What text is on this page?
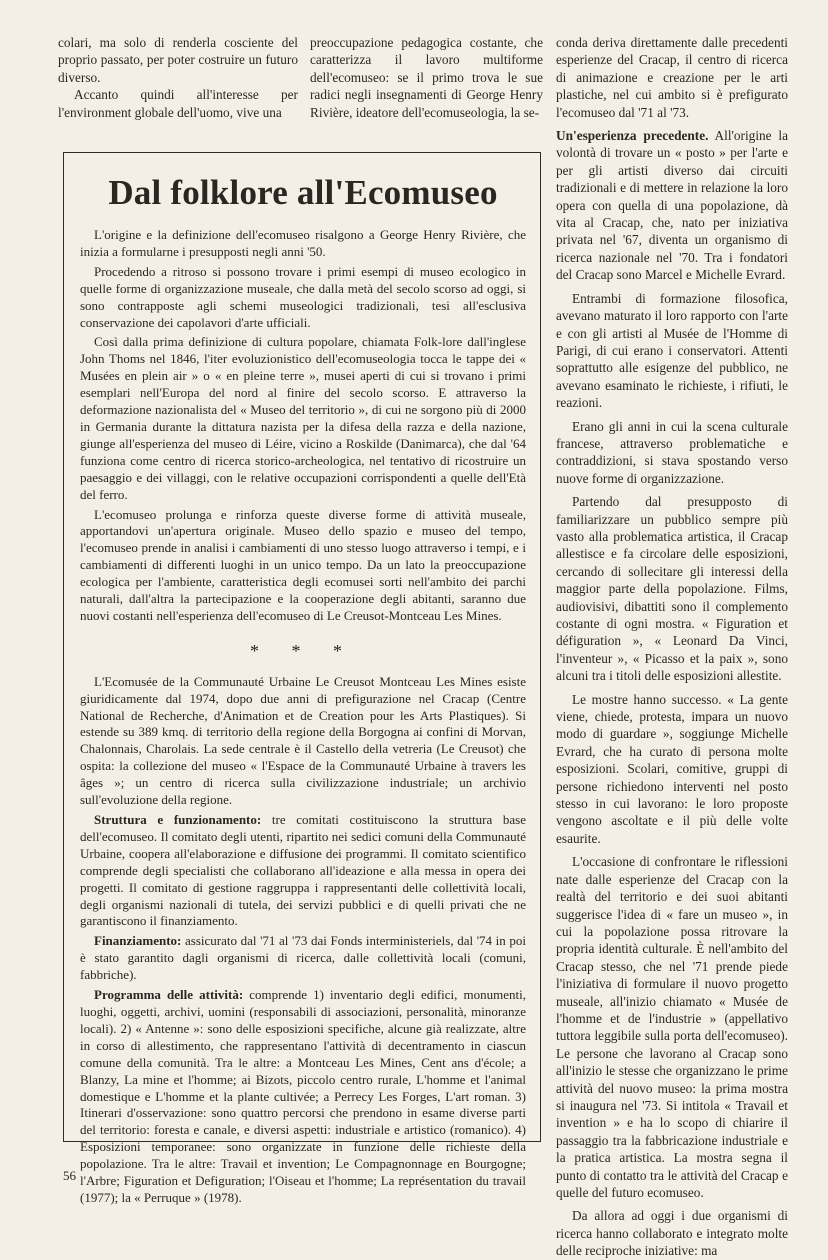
colari, ma solo di renderla cosciente del proprio passato, per poter costruire un futuro diverso.

Accanto quindi all'interesse per l'environment globale dell'uomo, vive una

preoccupazione pedagogica costante, che caratterizza il lavoro multiforme dell'ecomuseo: se il primo trova le sue radici negli insegnamenti di George Henry Rivière, ideatore dell'ecomuseologia, la se-

conda deriva direttamente dalle precedenti esperienze del Cracap, il centro di ricerca di animazione e creazione per le arti plastiche, nel cui ambito si è prefigurato l'ecomuseo dal '71 al '73.

Un'esperienza precedente. All'origine la volontà di trovare un « posto » per l'arte e per gli artisti diverso dai circuiti tradizionali e di mettere in relazione la loro opera con quella di una popolazione, dà vita al Cracap, che, nato per iniziativa privata nel '67, diventa un organismo di ricerca nazionale nel '70. Tra i fondatori del Cracap sono Marcel e Michelle Evrard.

Entrambi di formazione filosofica, avevano maturato il loro rapporto con l'arte e con gli artisti al Musée de l'Homme di Parigi, di cui erano i conservatori. Attenti soprattutto alle esigenze del pubblico, ne avevano esaminato le richieste, i rifiuti, le reazioni.

Erano gli anni in cui la scena culturale francese, attraverso problematiche e contraddizioni, si stava spostando verso nuove forme di organizzazione.

Partendo dal presupposto di familiarizzare un pubblico sempre più vasto alla problematica artistica, il Cracap allestisce e fa circolare delle esposizioni, cercando di sollecitare gli interessi della maggior parte della popolazione. Films, audiovisivi, dibattiti sono il complemento costante di ogni mostra. « Figuration et défiguration », « Leonard Da Vinci, l'inventeur », « Picasso et la paix », sono alcuni tra i titoli delle esposizioni allestite.

Le mostre hanno successo. « La gente viene, chiede, protesta, impara un nuovo modo di guardare », soggiunge Michelle Evrard, che ha curato di persona molte esposizioni. Scolari, comitive, gruppi di persone richiedono interventi nel posto stesso in cui lavorano: le loro proposte vengono ascoltate e il più delle volte esaurite.

L'occasione di confrontare le riflessioni nate dalle esperienze del Cracap con la realtà del territorio e dei suoi abitanti suggerisce l'idea di « fare un museo », in cui la popolazione possa ritrovare la propria identità culturale. È nell'ambito del Cracap stesso, che nel '71 prende piede l'iniziativa di formulare il nuovo progetto museale, all'inizio chiamato « Musée de l'homme et de l'industrie » (appellativo tuttora leggibile sulla porta dell'ecomuseo). Le persone che lavorano al Cracap sono all'inizio le stesse che organizzano le prime attività del nuovo museo: la prima mostra si inaugura nel '73. Si intitola « Travail et invention » e ha lo scopo di chiarire il passaggio tra la fabbricazione industriale e la pratica artistica. La mostra segna il punto di contatto tra le attività del Cracap e quelle del futuro ecomuseo.

Da allora ad oggi i due organismi di ricerca hanno collaborato e integrato molte delle reciproche iniziative: ma

Dal folklore all'Ecomuseo

L'origine e la definizione dell'ecomuseo risalgono a George Henry Rivière, che inizia a formularne i presupposti negli anni '50.

Procedendo a ritroso si possono trovare i primi esempi di museo ecologico in quelle forme di organizzazione museale, che dalla metà del secolo scorso ad oggi, si sono contrapposte agli schemi museologici tradizionali, tesi all'esclusiva conservazione dei capolavori d'arte ufficiali.

Così dalla prima definizione di cultura popolare, chiamata Folk-lore dall'inglese John Thoms nel 1846, l'iter evoluzionistico dell'ecomuseologia tocca le tappe dei « Musées en plein air » o « en pleine terre », musei aperti di cui si trovano i primi esemplari nell'Europa del nord al finire del secolo scorso. E attraverso la deformazione nazionalista del « Museo del territorio », di cui ne sorgono più di 2000 in Germania durante la dittatura nazista per la difesa della razza e della nazione, giunge all'esperienza del museo di Léire, vicino a Roskilde (Danimarca), che dal '64 funziona come centro di ricerca storico-archeologica, nel tentativo di ricostruire un paesaggio e dei villaggi, con le relative occupazioni corrispondenti a quelle dell'Età del ferro.

L'ecomuseo prolunga e rinforza queste diverse forme di attività museale, apportandovi un'apertura originale. Museo dello spazio e museo del tempo, l'ecomuseo prende in analisi i cambiamenti di uno stesso luogo attraverso i tempi, e i cambiamenti di differenti luoghi in un unico tempo. Da un lato la preoccupazione ecologica per l'ambiente, caratteristica degli ecomusei sorti nell'ambito dei parchi naturali, dall'altra la partecipazione e la cooperazione degli abitanti, saranno due nuovi costanti nell'esperienza dell'ecomuseo di Le Creusot-Montceau Les Mines.

* * *

L'Ecomusée de la Communauté Urbaine Le Creusot Montceau Les Mines esiste giuridicamente dal 1974, dopo due anni di prefigurazione nel Cracap (Centre National de Recherche, d'Animation et de Creation pour les Arts Plastiques). Si estende su 389 kmq. di territorio della regione della Borgogna ai confini di Morvan, Chalonnais, Charolais. La sede centrale è il Castello della vetreria (Le Creusot) che ospita: la collezione del museo « l'Espace de la Communauté Urbaine à travers les âges »; un centro di ricerca sulla civilizzazione industriale; un archivio sull'evoluzione della regione.

Struttura e funzionamento: tre comitati costituiscono la struttura base dell'ecomuseo. Il comitato degli utenti, ripartito nei sedici comuni della Communauté Urbaine, coopera all'elaborazione e diffusione dei programmi. Il comitato scientifico comprende degli specialisti che collaborano all'ideazione e alla messa in opera dei progetti. Il comitato di gestione raggruppa i rappresentanti delle collettività locali, degli organismi nazionali di tutela, dei servizi pubblici e di quelli privati che ne garantiscono il finanziamento.

Finanziamento: assicurato dal '71 al '73 dai Fonds interministeriels, dal '74 in poi è stato garantito dagli organismi di ricerca, dalle collettività locali (comuni, fabbriche).

Programma delle attività: comprende 1) inventario degli edifici, monumenti, luoghi, oggetti, archivi, uomini (responsabili di associazioni, personalità, minoranze locali). 2) « Antenne »: sono delle esposizioni specifiche, alcune già realizzate, altre in corso di allestimento, che rappresentano l'attività di decentramento in ciascun comune della comunità. Tra le altre: a Montceau Les Mines, Cent ans d'école; a Blanzy, La mine et l'homme; ai Bizots, piccolo centro rurale, L'homme et l'animal domestique e L'homme et la plante cultivée; a Perrecy Les Forges, L'art roman. 3) Itinerari d'osservazione: sono quattro percorsi che prendono in esame diverse parti del territorio: foresta e canale, e diversi aspetti: industriale e artistico (romanico). 4) Esposizioni temporanee: sono organizzate in funzione delle richieste della popolazione. Tra le altre: Travail et invention; Le Compagnonnage en Bourgogne; l'Arbre; Figuration et Defiguration; l'Oiseau et l'homme; La représentation du travail (1977); la « Perruque » (1978).

56
